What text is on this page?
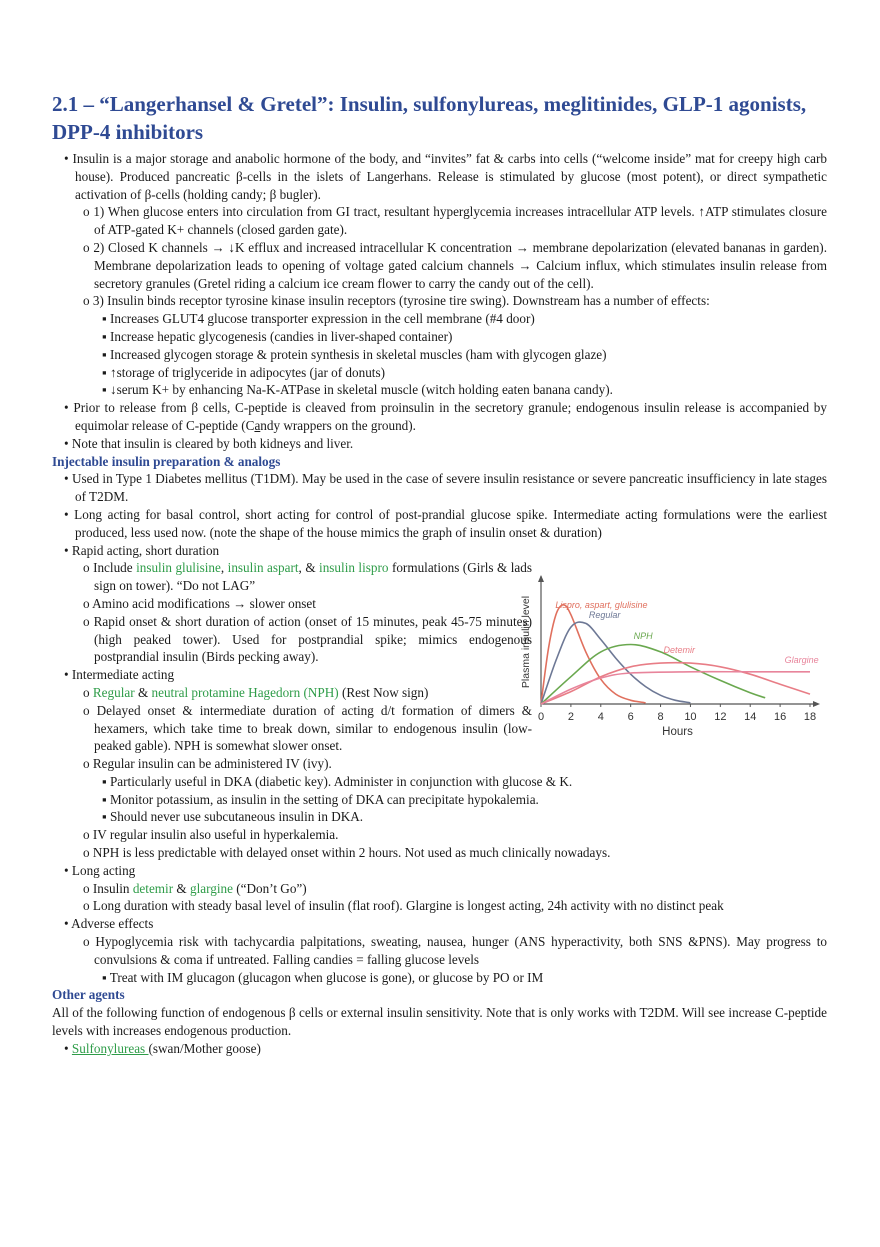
2.1 – “Langerhansel & Gretel”: Insulin, sulfonylureas, meglitinides, GLP-1 agonists, DPP-4 inhibitors

• Insulin is a major storage and anabolic hormone of the body, and “invites” fat & carbs into cells (“welcome inside” mat for creepy high carb house). Produced pancreatic β-cells in the islets of Langerhans. Release is stimulated by glucose (most potent), or direct sympathetic activation of β-cells (holding candy; β bugler).

o 1) When glucose enters into circulation from GI tract, resultant hyperglycemia increases intracellular ATP levels. ↑ATP stimulates closure of ATP-gated K+ channels (closed garden gate).

o 2) Closed K channels → ↓K efflux and increased intracellular K concentration → membrane depolarization (elevated bananas in garden). Membrane depolarization leads to opening of voltage gated calcium channels → Calcium influx, which stimulates insulin release from secretory granules (Gretel riding a calcium ice cream flower to carry the candy out of the cell).

o 3) Insulin binds receptor tyrosine kinase insulin receptors (tyrosine tire swing). Downstream has a number of effects:

▪ Increases GLUT4 glucose transporter expression in the cell membrane (#4 door)

▪ Increase hepatic glycogenesis (candies in liver-shaped container)

▪ Increased glycogen storage & protein synthesis in skeletal muscles (ham with glycogen glaze)

▪ ↑storage of triglyceride in adipocytes (jar of donuts)

▪ ↓serum K+ by enhancing Na-K-ATPase in skeletal muscle (witch holding eaten banana candy).

• Prior to release from β cells, C-peptide is cleaved from proinsulin in the secretory granule; endogenous insulin release is accompanied by equimolar release of C-peptide (Candy wrappers on the ground).

• Note that insulin is cleared by both kidneys and liver.

Injectable insulin preparation & analogs

• Used in Type 1 Diabetes mellitus (T1DM). May be used in the case of severe insulin resistance or severe pancreatic insufficiency in late stages of T2DM.

• Long acting for basal control, short acting for control of post-prandial glucose spike. Intermediate acting formulations were the earliest produced, less used now. (note the shape of the house mimics the graph of insulin onset & duration)

• Rapid acting, short duration

o Include insulin glulisine, insulin aspart, & insulin lispro formulations (Girls & lads sign on tower). “Do not LAG”

o Amino acid modifications → slower onset

o Rapid onset & short duration of action (onset of 15 minutes, peak 45-75 minutes) (high peaked tower). Used for postprandial spike; mimics endogenous postprandial insulin (Birds pecking away).

• Intermediate acting

o Regular & neutral protamine Hagedorn (NPH) (Rest Now sign)

o Delayed onset & intermediate duration of acting d/t formation of dimers & hexamers, which take time to break down, similar to endogenous insulin (low-peaked gable). NPH is somewhat slower onset.

o Regular insulin can be administered IV (ivy).

▪ Particularly useful in DKA (diabetic key). Administer in conjunction with glucose & K.

▪ Monitor potassium, as insulin in the setting of DKA can precipitate hypokalemia.

▪ Should never use subcutaneous insulin in DKA.

o IV regular insulin also useful in hyperkalemia.

o NPH is less predictable with delayed onset within 2 hours. Not used as much clinically nowadays.

• Long acting

o Insulin detemir & glargine (“Don’t Go”)

o Long duration with steady basal level of insulin (flat roof). Glargine is longest acting, 24h activity with no distinct peak

• Adverse effects

o Hypoglycemia risk with tachycardia palpitations, sweating, nausea, hunger (ANS hyperactivity, both SNS &PNS). May progress to convulsions & coma if untreated. Falling candies = falling glucose levels

▪ Treat with IM glucagon (glucagon when glucose is gone), or glucose by PO or IM

Other agents

All of the following function of endogenous β cells or external insulin sensitivity. Note that is only works with T2DM. Will see increase C-peptide levels with increases endogenous production.

• Sulfonylureas (swan/Mother goose)

0 2 4 6 8 10 12 14 16 18
Hours
Plasma insulin level	Lispro, aspart, glulisine
Regular
NPH
Detemir
Glargine
